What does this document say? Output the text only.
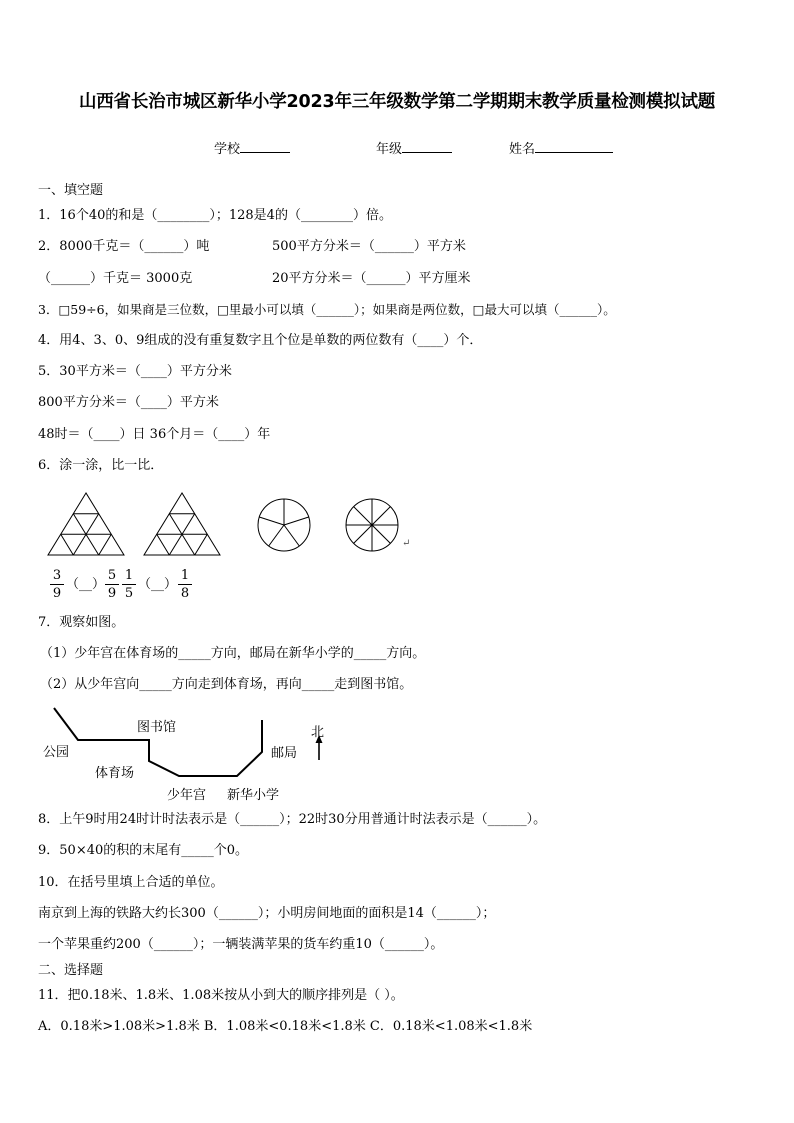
山西省长治市城区新华小学2023年三年级数学第二学期期末教学质量检测模拟试题
学校	年级	姓名
一、填空题
1．16个40的和是（________）；128是4的（________）倍。
2．8000千克＝（______）吨	500平方分米＝（______）平方米
（______）千克＝ 3000克	20平方分米＝（______）平方厘米
3．□59÷6，如果商是三位数，□里最小可以填（______）；如果商是两位数，□最大可以填（______）。
4．用4、3、0、9组成的没有重复数字且个位是单数的两位数有（____）个．
5．30平方米＝（____）平方分米
800平方分米＝（____）平方米
48时＝（____）日 36个月＝（____）年
6．涂一涂，比一比．
↵
3
9
（__）
5
9
1
5
（__）
1
8
7．观察如图。
（1）少年宫在体育场的_____方向，邮局在新华小学的_____方向。
（2）从少年宫向_____方向走到体育场，再向_____走到图书馆。
公园
图书馆
体育场
少年宫 新华小学
邮局
北
8．上午9时用24时计时法表示是（______）；22时30分用普通计时法表示是（______）。
9．50×40的积的末尾有_____个0。
10．在括号里填上合适的单位。
南京到上海的铁路大约长300（______）；小明房间地面的面积是14（______）；
一个苹果重约200（______）；一辆装满苹果的货车约重10（______）。
二、选择题
11．把0.18米、1.8米、1.08米按从小到大的顺序排列是（ ）。
A．0.18米>1.08米>1.8米 B．1.08米<0.18米<1.8米 C．0.18米<1.08米<1.8米
